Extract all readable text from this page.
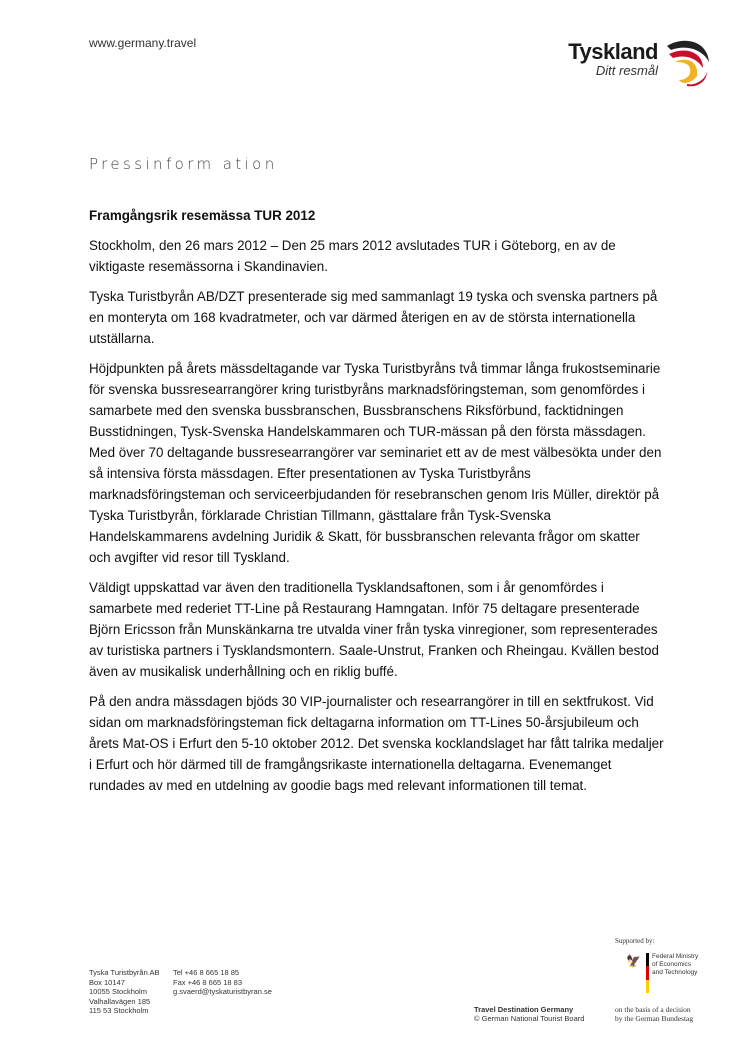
www.germany.travel	Tyskland
Ditt resmål
Pressinform ation

Framgångsrik resemässa TUR 2012

Stockholm, den 26 mars 2012 – Den 25 mars 2012 avslutades TUR i Göteborg, en av de viktigaste resemässorna i Skandinavien.

Tyska Turistbyrån AB/DZT presenterade sig med sammanlagt 19 tyska och svenska partners på en monteryta om 168 kvadratmeter, och var därmed återigen en av de största internationella utställarna.

Höjdpunkten på årets mässdeltagande var Tyska Turistbyråns två timmar långa frukostseminarie för svenska bussresearrangörer kring turistbyråns marknadsföringsteman, som genomfördes i samarbete med den svenska bussbranschen, Bussbranschens Riksförbund, facktidningen Busstidningen, Tysk-Svenska Handelskammaren och TUR-mässan på den första mässdagen. Med över 70 deltagande bussresearrangörer var seminariet ett av de mest välbesökta under den så intensiva första mässdagen. Efter presentationen av Tyska Turistbyråns marknadsföringsteman och serviceerbjudanden för resebranschen genom Iris Müller, direktör på Tyska Turistbyrån, förklarade Christian Tillmann, gästtalare från Tysk-Svenska Handelskammarens avdelning Juridik & Skatt, för bussbranschen relevanta frågor om skatter och avgifter vid resor till Tyskland.

Väldigt uppskattad var även den traditionella Tysklandsaftonen, som i år genomfördes i samarbete med rederiet TT-Line på Restaurang Hamngatan. Inför 75 deltagare presenterade Björn Ericsson från Munskänkarna tre utvalda viner från tyska vinregioner, som representerades av turistiska partners i Tysklandsmontern. Saale-Unstrut, Franken och Rheingau. Kvällen bestod även av musikalisk underhållning och en riklig buffé.

På den andra mässdagen bjöds 30 VIP-journalister och researrangörer in till en sektfrukost. Vid sidan om marknadsföringsteman fick deltagarna information om TT-Lines 50-årsjubileum och årets Mat-OS i Erfurt den 5-10 oktober 2012. Det svenska kocklandslaget har fått talrika medaljer i Erfurt och hör därmed till de framgångsrikaste internationella deltagarna. Evenemanget rundades av med en utdelning av goodie bags med relevant informationen till temat.

Tyska Turistbyrån AB
Box 10147
10055 Stockholm
Valhallavägen 185
115 53 Stockholm
Tel +46 8 665 18 85
Fax +46 8 665 18 83
g.svaerd@tyskaturistbyran.se
Travel Destination Germany
© German National Tourist Board
Supported by:
🦅 Federal Ministry
of Economics
and Technology
on the basis of a decision
by the German Bundestag
